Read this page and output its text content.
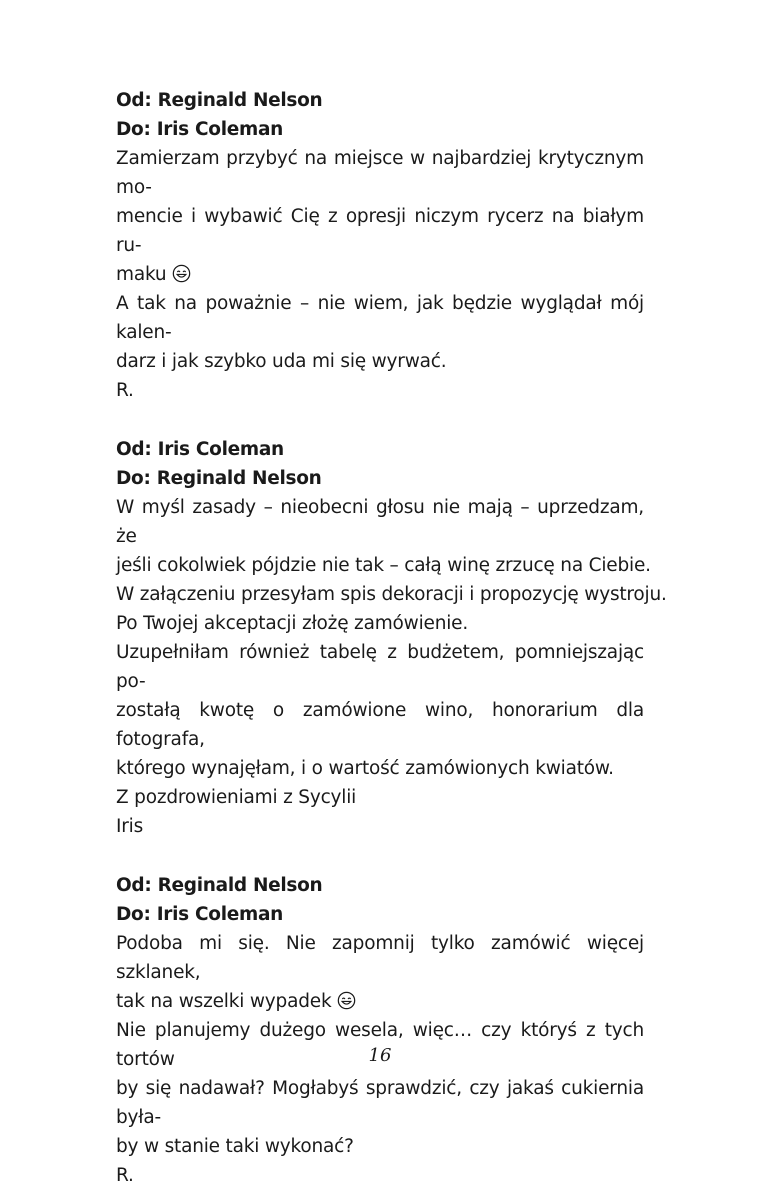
Od: Reginald Nelson

Do: Iris Coleman

Zamierzam przybyć na miejsce w najbardziej krytycznym mo-

mencie i wybawić Cię z opresji niczym rycerz na białym ru-

maku

A tak na poważnie – nie wiem, jak będzie wyglądał mój kalen-

darz i jak szybko uda mi się wyrwać.

R.

Od: Iris Coleman

Do: Reginald Nelson

W myśl zasady – nieobecni głosu nie mają – uprzedzam, że

jeśli cokolwiek pójdzie nie tak – całą winę zrzucę na Ciebie.

W załączeniu przesyłam spis dekoracji i propozycję wystroju.

Po Twojej akceptacji złożę zamówienie.

Uzupełniłam również tabelę z budżetem, pomniejszając po-

zostałą kwotę o zamówione wino, honorarium dla fotografa,

którego wynajęłam, i o wartość zamówionych kwiatów.

Z pozdrowieniami z Sycylii

Iris

Od: Reginald Nelson

Do: Iris Coleman

Podoba mi się. Nie zapomnij tylko zamówić więcej szklanek,

tak na wszelki wypadek

Nie planujemy dużego wesela, więc… czy któryś z tych tortów

by się nadawał? Mogłabyś sprawdzić, czy jakaś cukiernia była-

by w stanie taki wykonać?

R.

16
